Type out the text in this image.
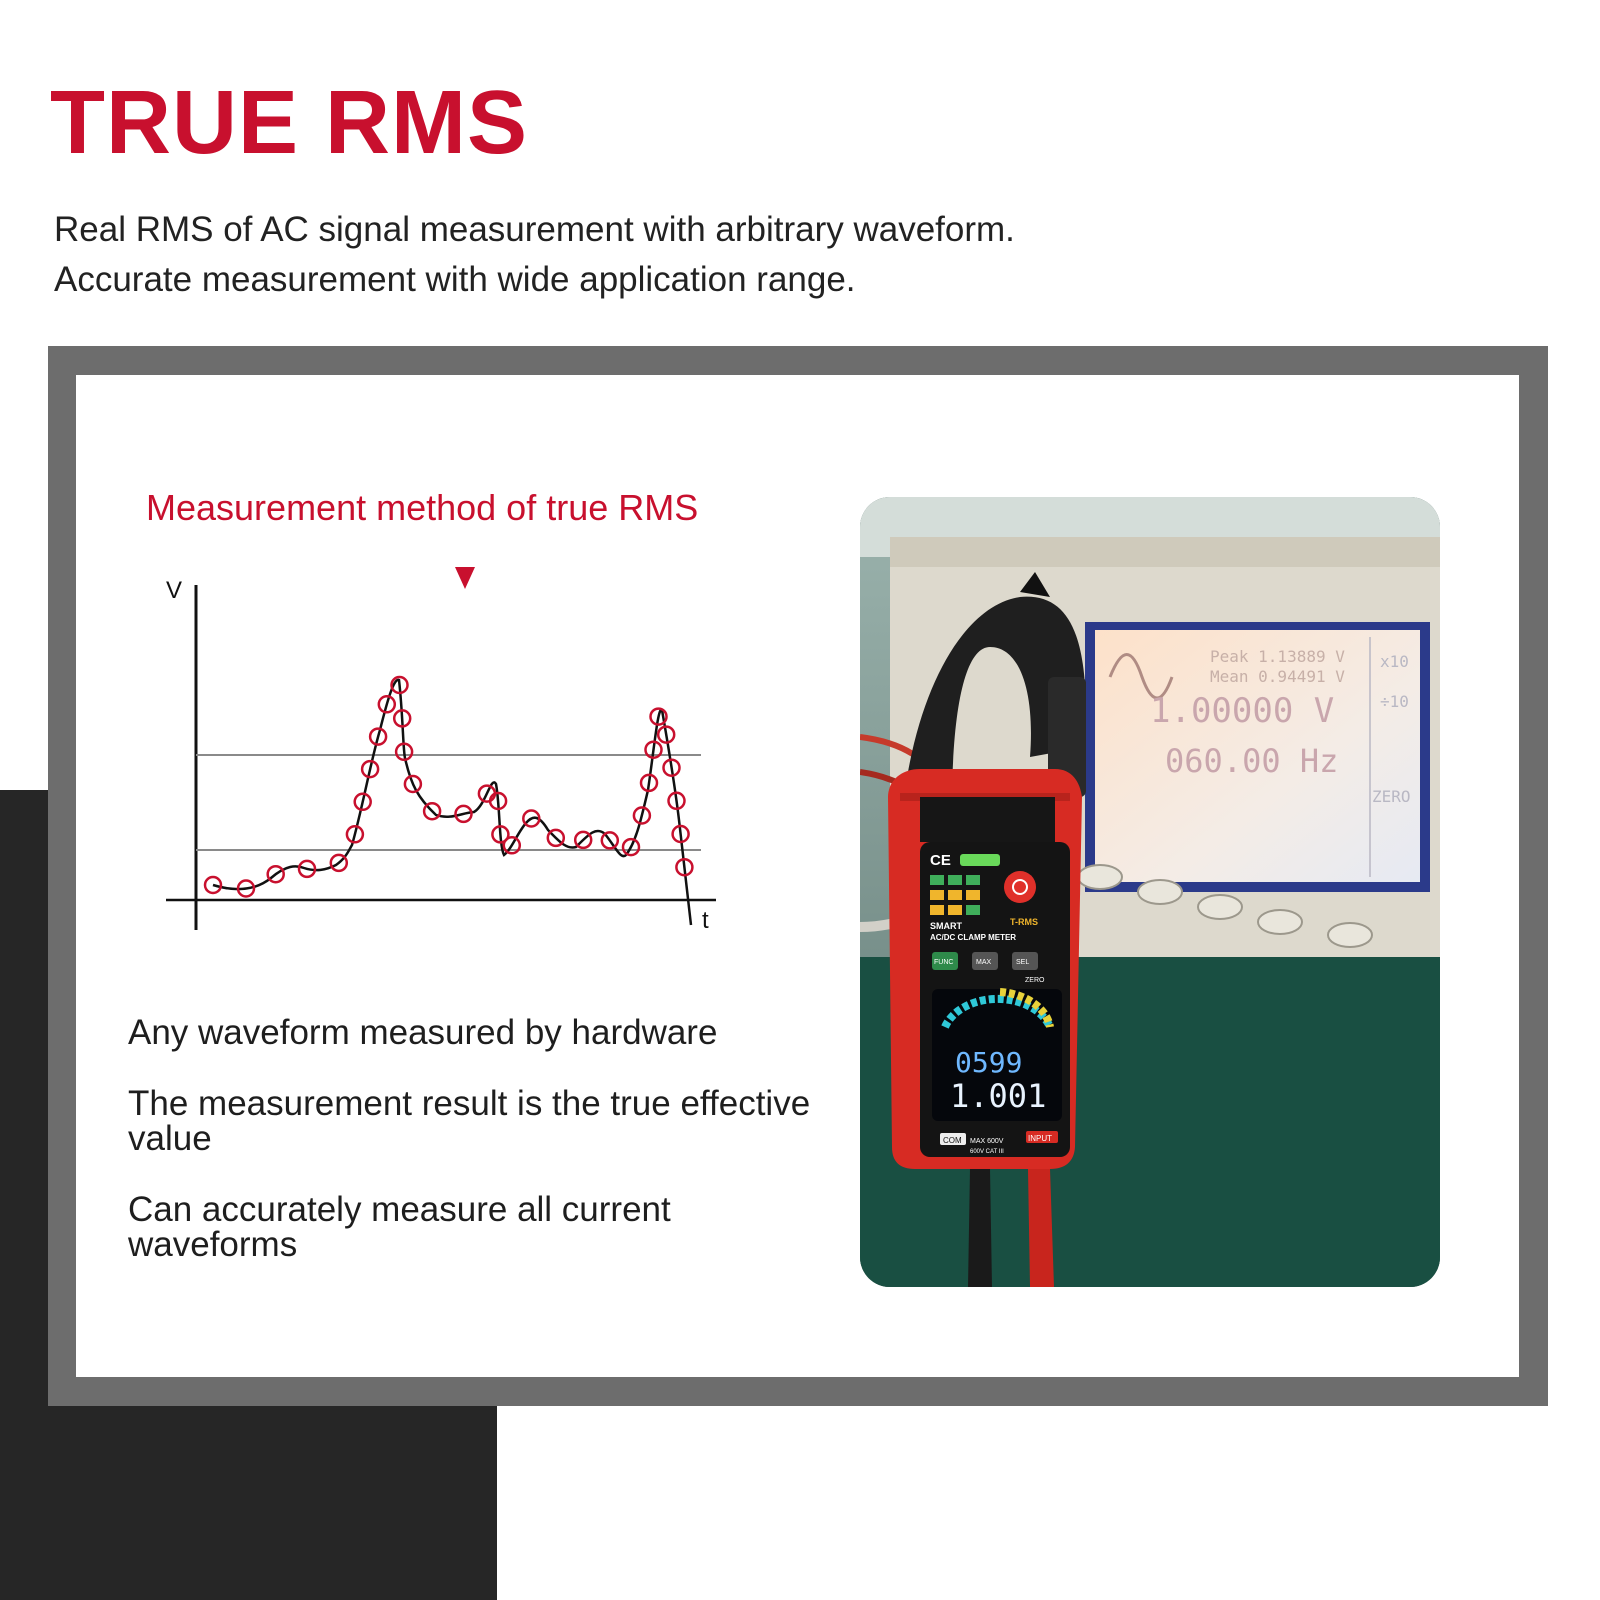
TRUE RMS
Real RMS of AC signal measurement with arbitrary waveform.
Accurate measurement with wide application range.
Measurement method of true RMS
V
t
Any waveform measured by hardware
The measurement result is the true effective value
Can accurately measure all current waveforms
Peak 1.13889 V
Mean 0.94491 V
1.00000 V
060.00 Hz
x10
÷10
ZERO
CE
SMART	T-RMS
AC/DC CLAMP METER
FUNC	MAX	SEL
ZERO
0599
1.001
COM MAX 600V
600V CAT III
INPUT
